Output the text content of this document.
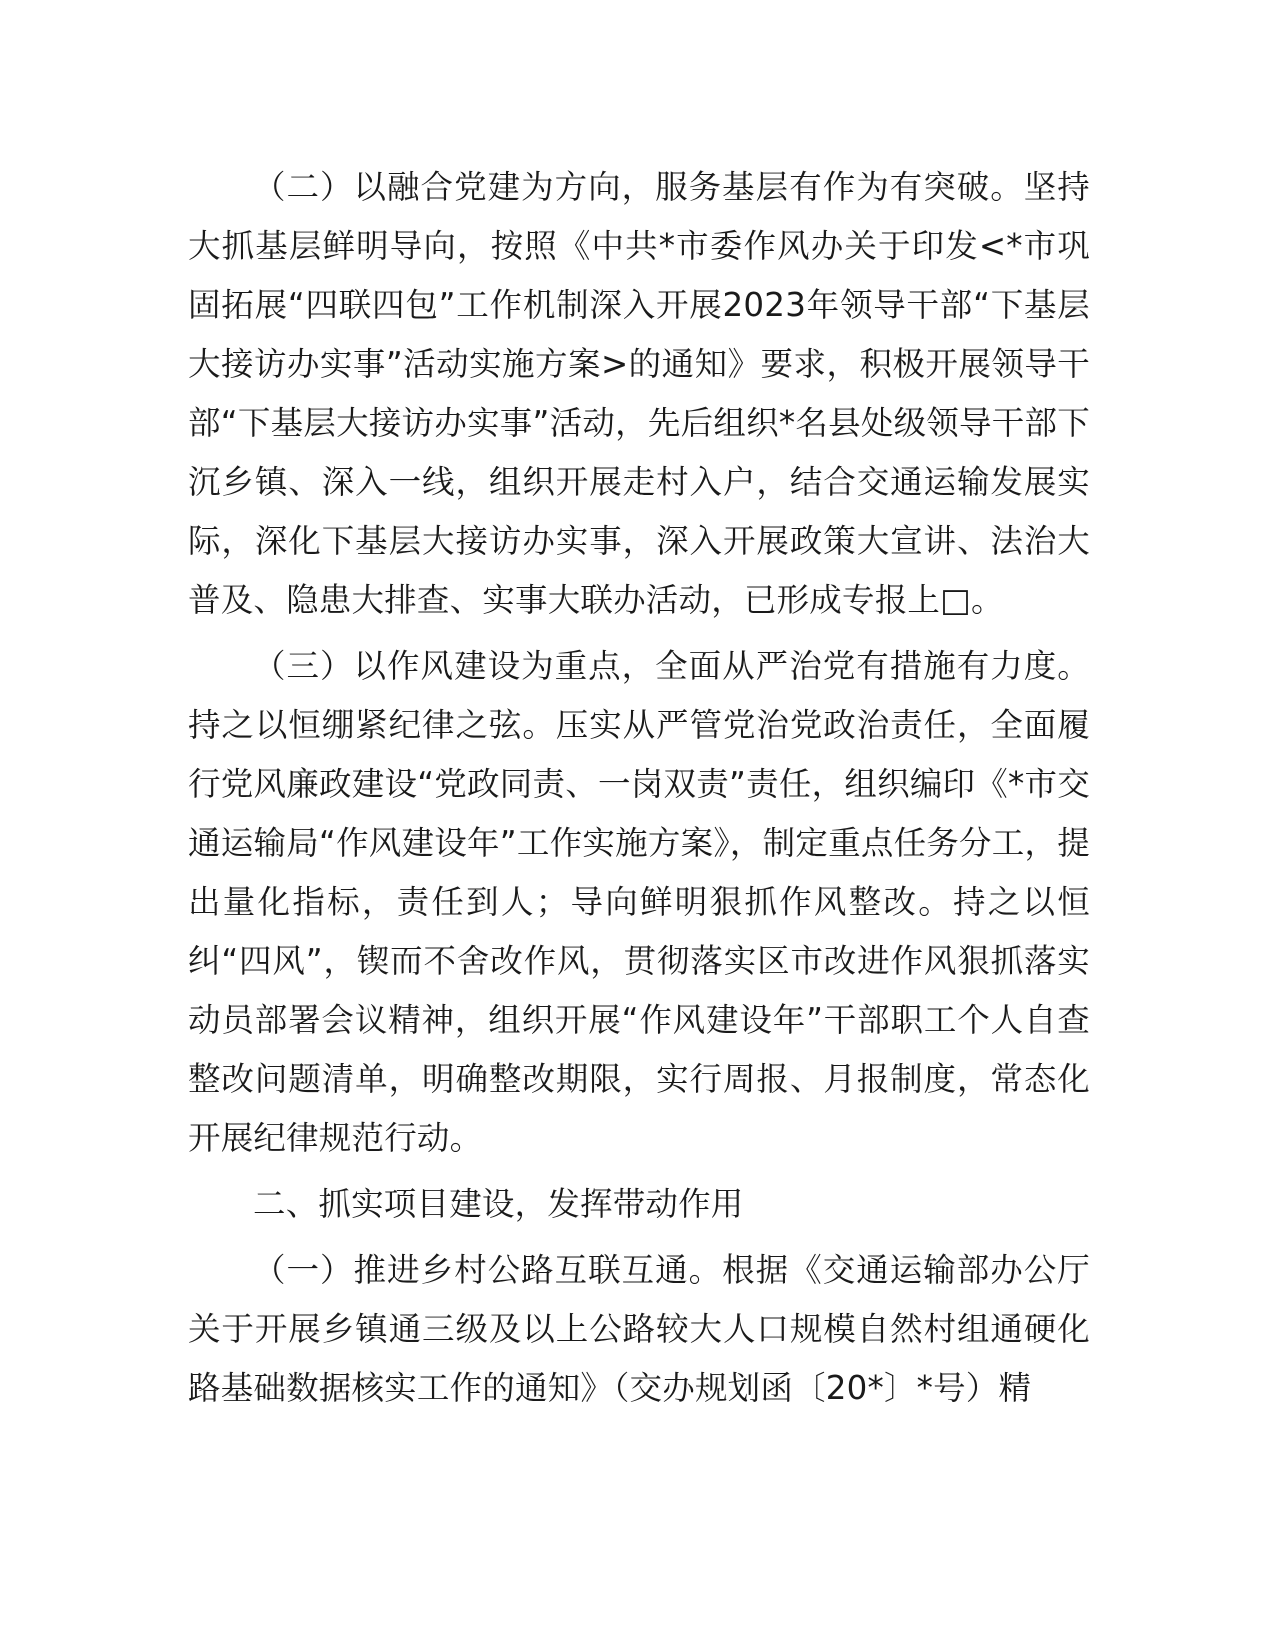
（二）以融合党建为方向，服务基层有作为有突破。坚持大抓基层鲜明导向，按照《中共*市委作风办关于印发<*市巩固拓展“四联四包”工作机制深入开展2023年领导干部“下基层大接访办实事”活动实施方案>的通知》要求，积极开展领导干部“下基层大接访办实事”活动，先后组织*名县处级领导干部下沉乡镇、深入一线，组织开展走村入户，结合交通运输发展实际，深化下基层大接访办实事，深入开展政策大宣讲、法治大普及、隐患大排查、实事大联办活动，已形成专报上□。

（三）以作风建设为重点，全面从严治党有措施有力度。持之以恒绷紧纪律之弦。压实从严管党治党政治责任，全面履行党风廉政建设“党政同责、一岗双责”责任，组织编印《*市交通运输局“作风建设年”工作实施方案》，制定重点任务分工，提出量化指标，责任到人；导向鲜明狠抓作风整改。持之以恒纠“四风”，锲而不舍改作风，贯彻落实区市改进作风狠抓落实动员部署会议精神，组织开展“作风建设年”干部职工个人自查整改问题清单，明确整改期限，实行周报、月报制度，常态化开展纪律规范行动。

二、抓实项目建设，发挥带动作用

（一）推进乡村公路互联互通。根据《交通运输部办公厅关于开展乡镇通三级及以上公路较大人口规模自然村组通硬化路基础数据核实工作的通知》（交办规划函〔20*〕*号）精
